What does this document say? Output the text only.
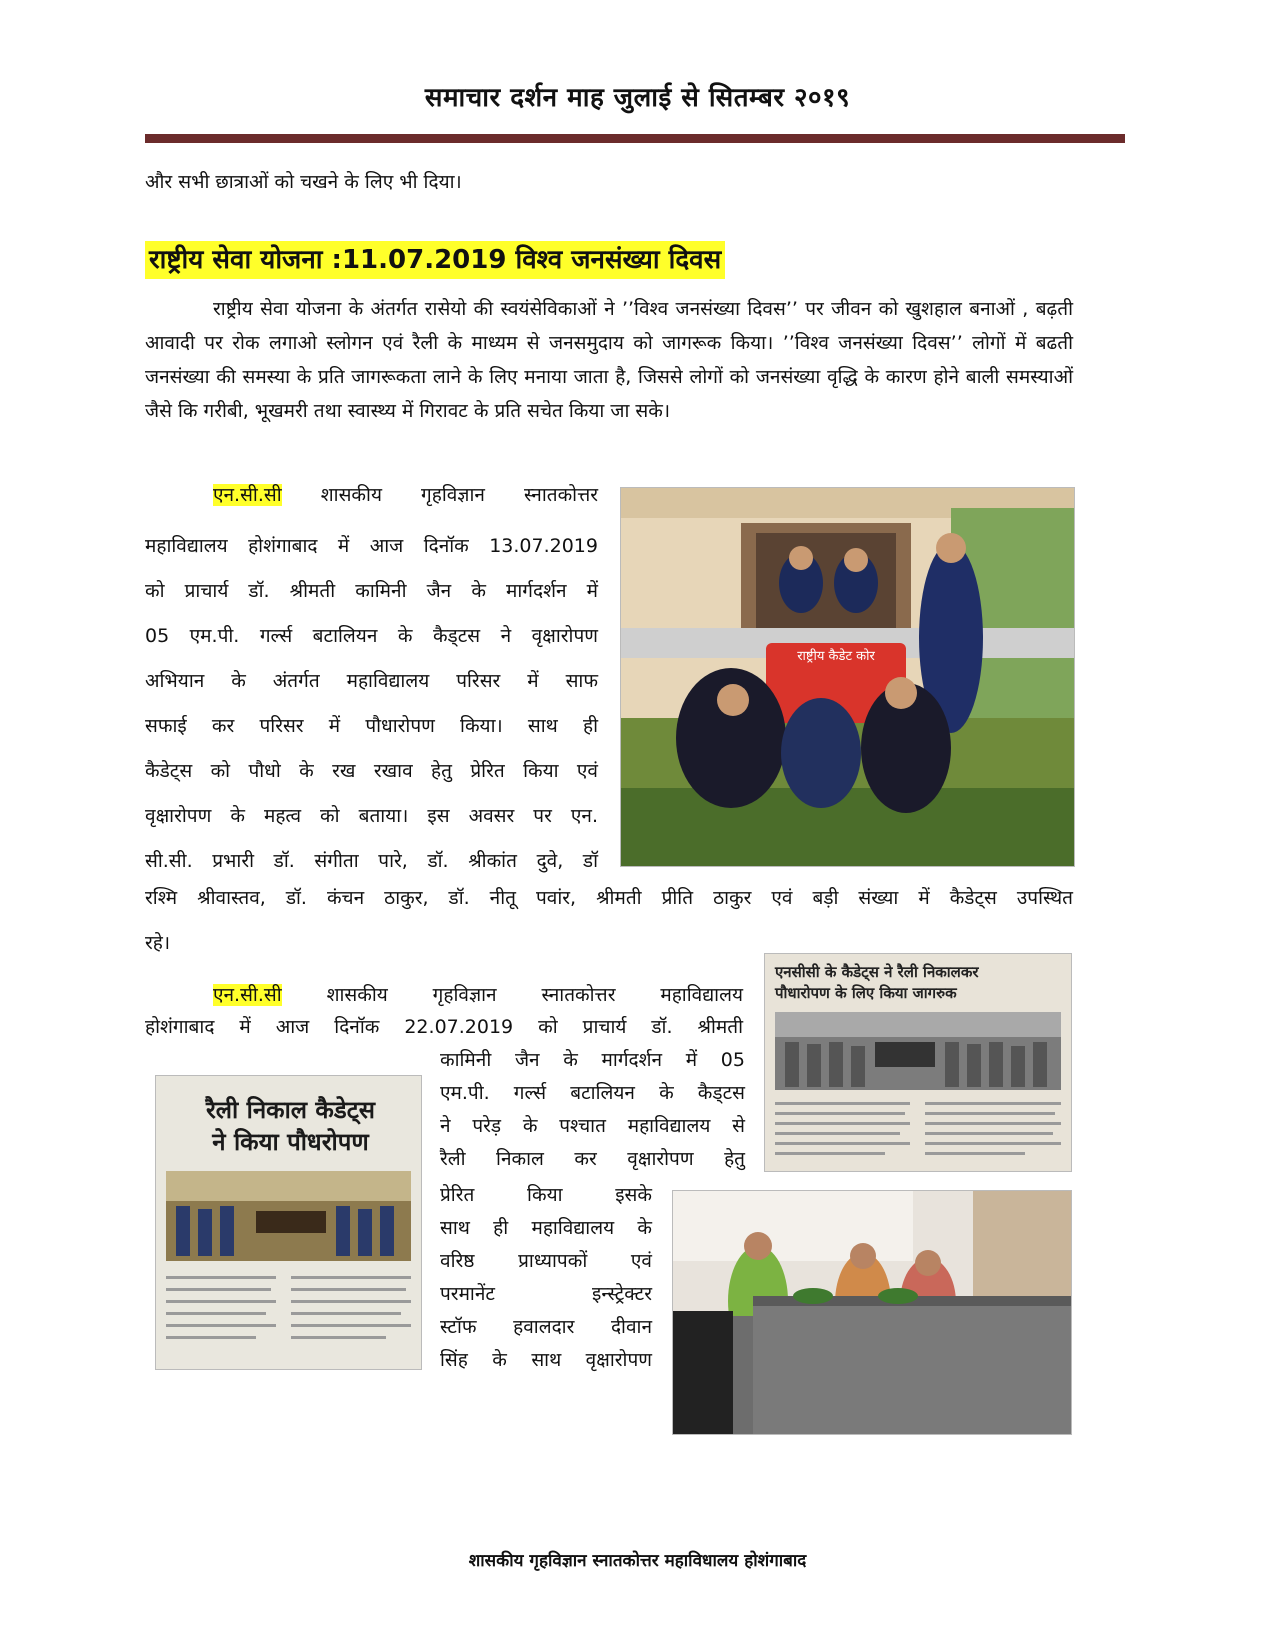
समाचार दर्शन माह जुलाई से सितम्बर २०१९
और सभी छात्राओं को चखने के लिए भी दिया।
राष्ट्रीय सेवा योजना :11.07.2019 विश्व जनसंख्या दिवस
राष्ट्रीय सेवा योजना के अंतर्गत रासेयो की स्वयंसेविकाओं ने ’’विश्व जनसंख्या दिवस’’ पर जीवन को खुशहाल बनाओं , बढ़ती आवादी पर रोक लगाओ स्लोगन एवं रैली के माध्यम से जनसमुदाय को जागरूक किया। ’’विश्व जनसंख्या दिवस’’ लोगों में बढती जनसंख्या की समस्या के प्रति जागरूकता लाने के लिए मनाया जाता है, जिससे लोगों को जनसंख्या वृद्धि के कारण होने बाली समस्याओं जैसे कि गरीबी, भूखमरी तथा स्वास्थ्य में गिरावट के प्रति सचेत किया जा सके।
एन.सी.सी शासकीय गृहविज्ञान स्नातकोत्तर
महाविद्यालय होशंगाबाद में आज दिनॉक 13.07.2019
को प्राचार्य डॉ. श्रीमती कामिनी जैन के मार्गदर्शन में
05 एम.पी. गर्ल्स बटालियन के कैड्टस ने वृक्षारोपण
अभियान के अंतर्गत महाविद्यालय परिसर में साफ
सफाई कर परिसर में पौधारोपण किया। साथ ही
कैडेट्स को पौधो के रख रखाव हेतु प्रेरित किया एवं
वृक्षारोपण के महत्व को बताया। इस अवसर पर एन.
सी.सी. प्रभारी डॉ. संगीता पारे, डॉ. श्रीकांत दुवे, डॉ
रश्मि श्रीवास्तव, डॉ. कंचन ठाकुर, डॉ. नीतू पवांर, श्रीमती प्रीति ठाकुर एवं बड़ी संख्या में कैडेट्स उपस्थित
रहे।
राष्ट्रीय कैडेट कोर
एन.सी.सी शासकीय गृहविज्ञान स्नातकोत्तर महाविद्यालय
होशंगाबाद में आज दिनॉक 22.07.2019 को प्राचार्य डॉ. श्रीमती
कामिनी जैन के मार्गदर्शन में 05
एम.पी. गर्ल्स बटालियन के कैड्टस
ने परेड़ के पश्चात महाविद्यालय से
रैली निकाल कर वृक्षारोपण हेतु
प्रेरित किया इसके
साथ ही महाविद्यालय के
वरिष्ठ प्राध्यापकों एवं
परमानेंट इन्स्ट्रेक्टर
स्टॉफ हवालदार दीवान
सिंह के साथ वृक्षारोपण
एनसीसी के कैडेट्स ने रैली निकालकर
पौधारोपण के लिए किया जागरुक
रैली निकाल कैडेट्स
ने किया पौधरोपण
शासकीय गृहविज्ञान स्नातकोत्तर महाविधालय होशंगाबाद
